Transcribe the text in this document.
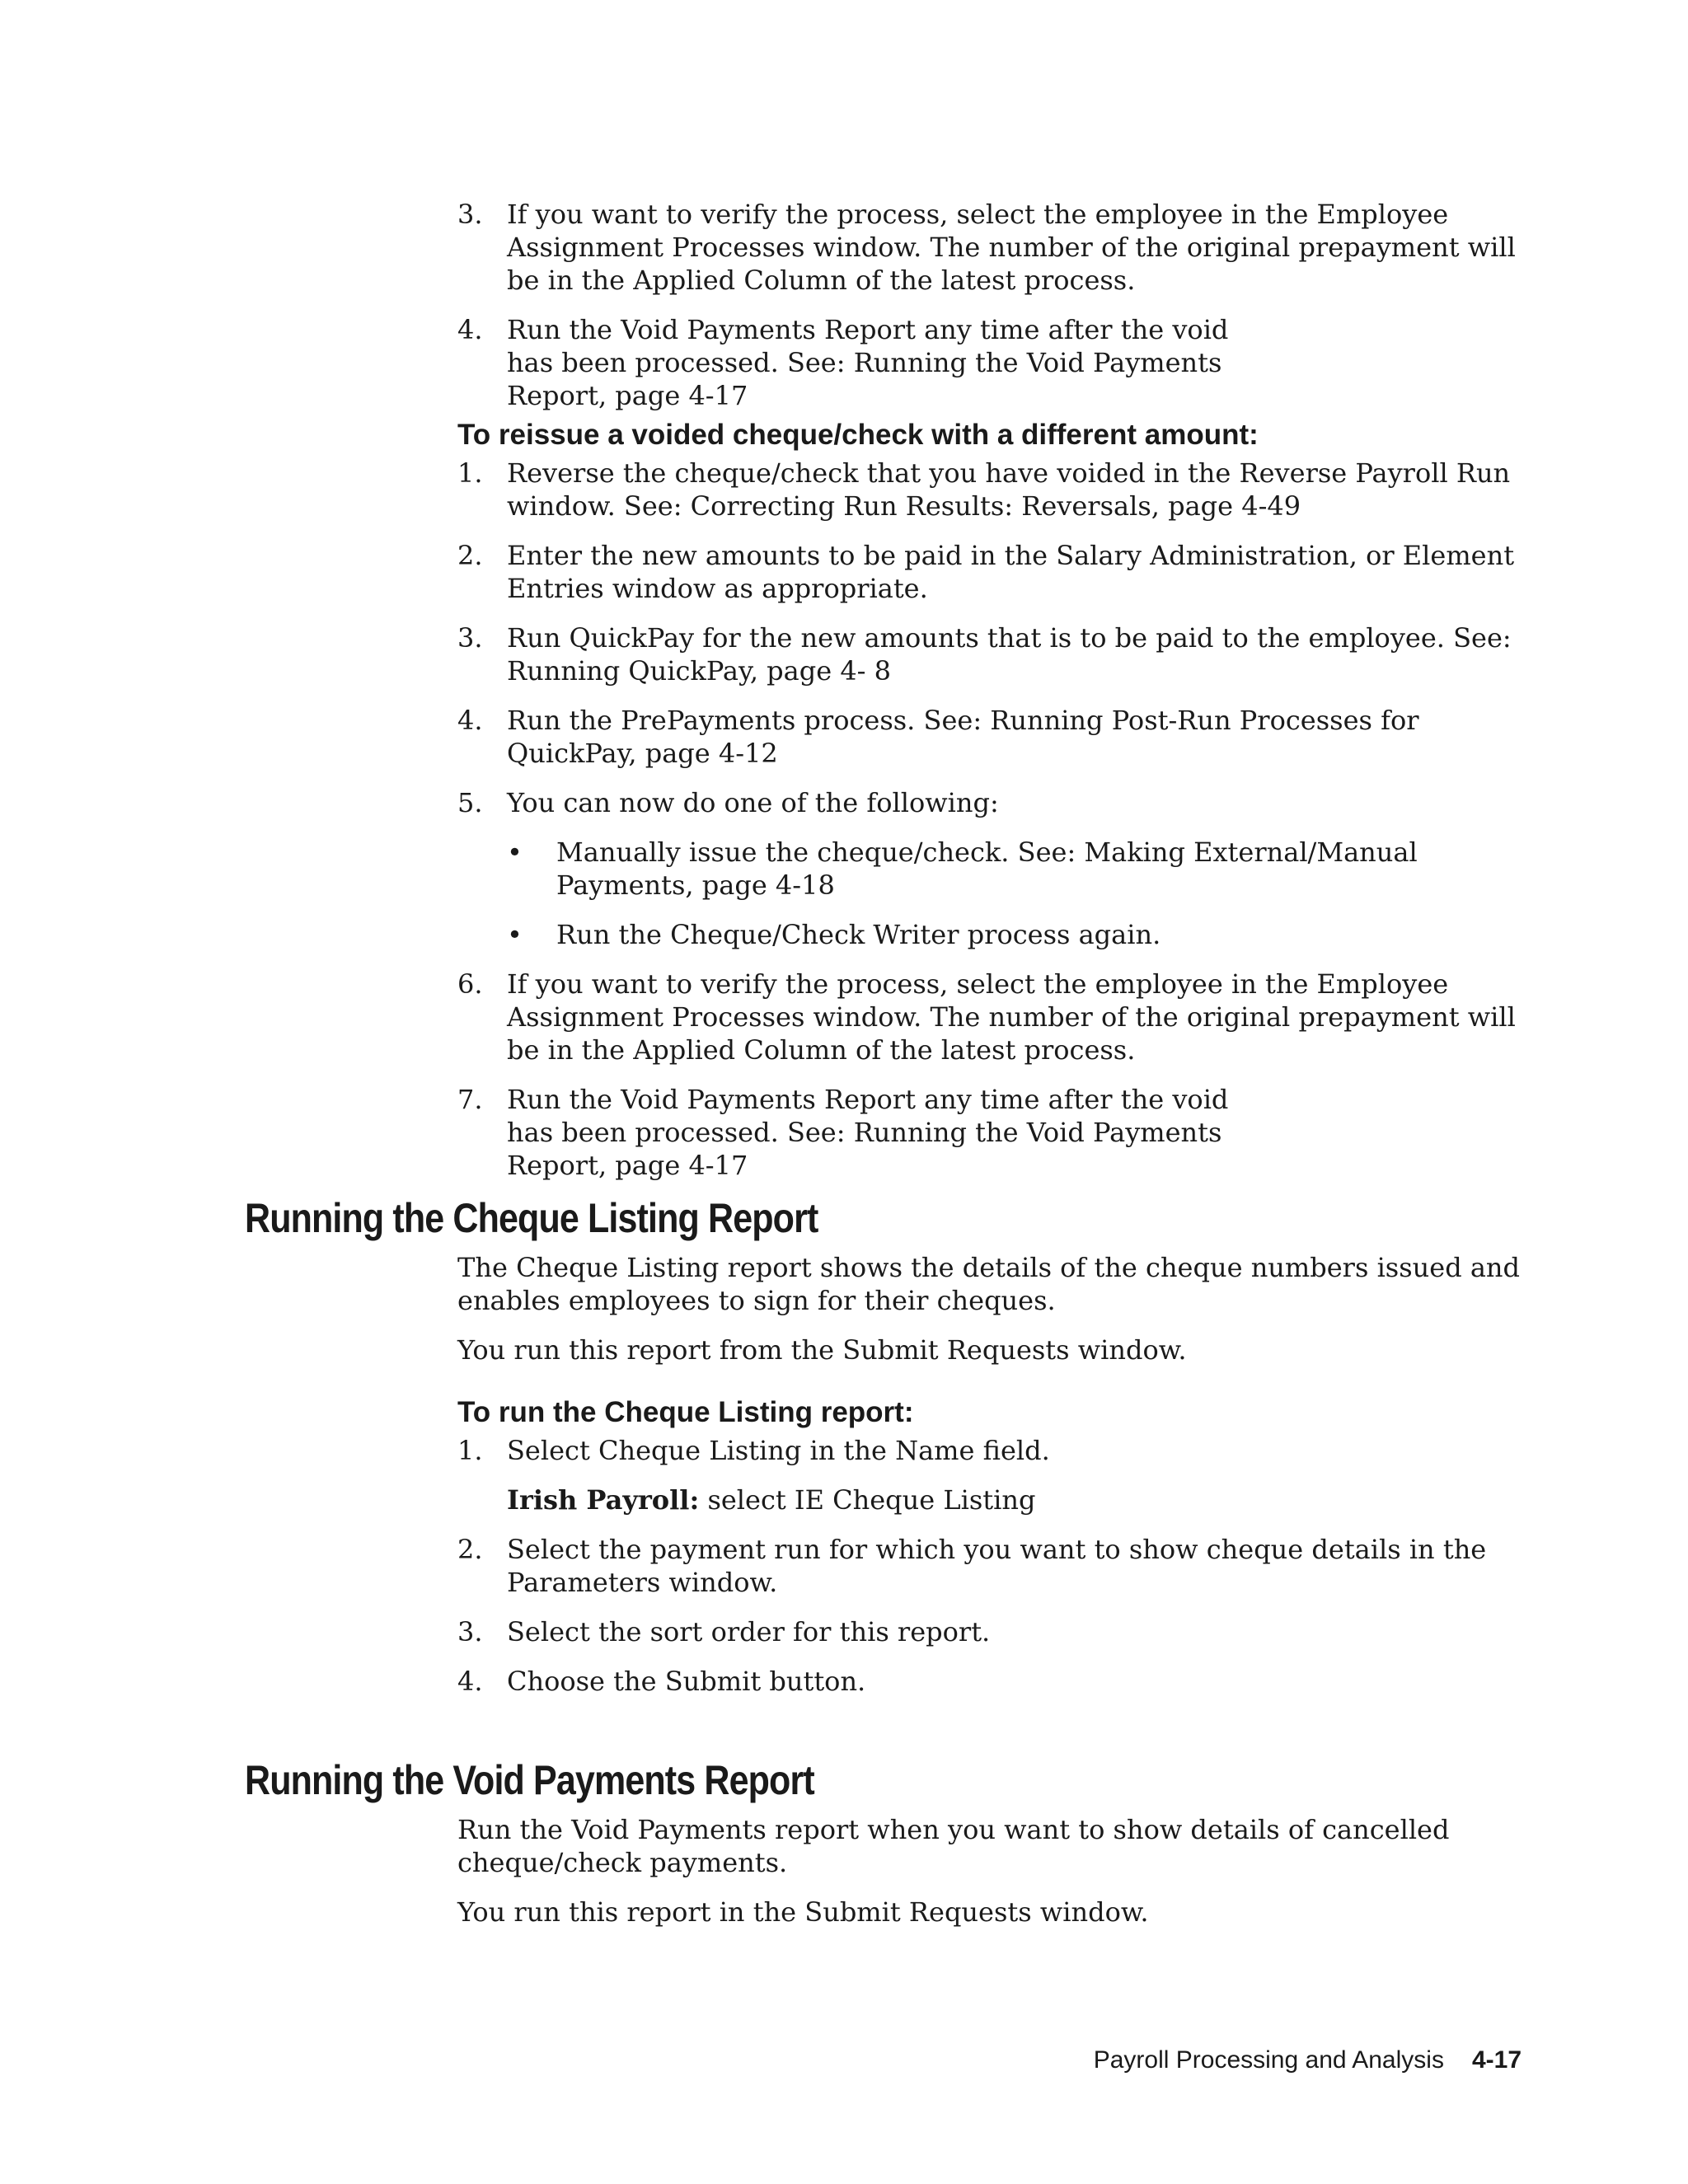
3. If you want to verify the process, select the employee in the Employee Assignment Processes window. The number of the original prepayment will be in the Applied Column of the latest process.
4. Run the Void Payments Report any time after the void has been processed. See: Running the Void Payments Report, page 4-17
To reissue a voided cheque/check with a different amount:
1. Reverse the cheque/check that you have voided in the Reverse Payroll Run window. See: Correcting Run Results: Reversals, page 4-49
2. Enter the new amounts to be paid in the Salary Administration, or Element Entries window as appropriate.
3. Run QuickPay for the new amounts that is to be paid to the employee. See: Running QuickPay, page 4- 8
4. Run the PrePayments process. See: Running Post-Run Processes for QuickPay, page 4-12
5. You can now do one of the following:
• Manually issue the cheque/check. See: Making External/Manual Payments, page 4-18
• Run the Cheque/Check Writer process again.
6. If you want to verify the process, select the employee in the Employee Assignment Processes window. The number of the original prepayment will be in the Applied Column of the latest process.
7. Run the Void Payments Report any time after the void has been processed. See: Running the Void Payments Report, page 4-17
Running the Cheque Listing Report

The Cheque Listing report shows the details of the cheque numbers issued and enables employees to sign for their cheques.

You run this report from the Submit Requests window.

To run the Cheque Listing report:
1. Select Cheque Listing in the Name field.
Irish Payroll: select IE Cheque Listing
2. Select the payment run for which you want to show cheque details in the Parameters window.
3. Select the sort order for this report.
4. Choose the Submit button.
Running the Void Payments Report

Run the Void Payments report when you want to show details of cancelled cheque/check payments.

You run this report in the Submit Requests window.

Payroll Processing and Analysis 4-17
